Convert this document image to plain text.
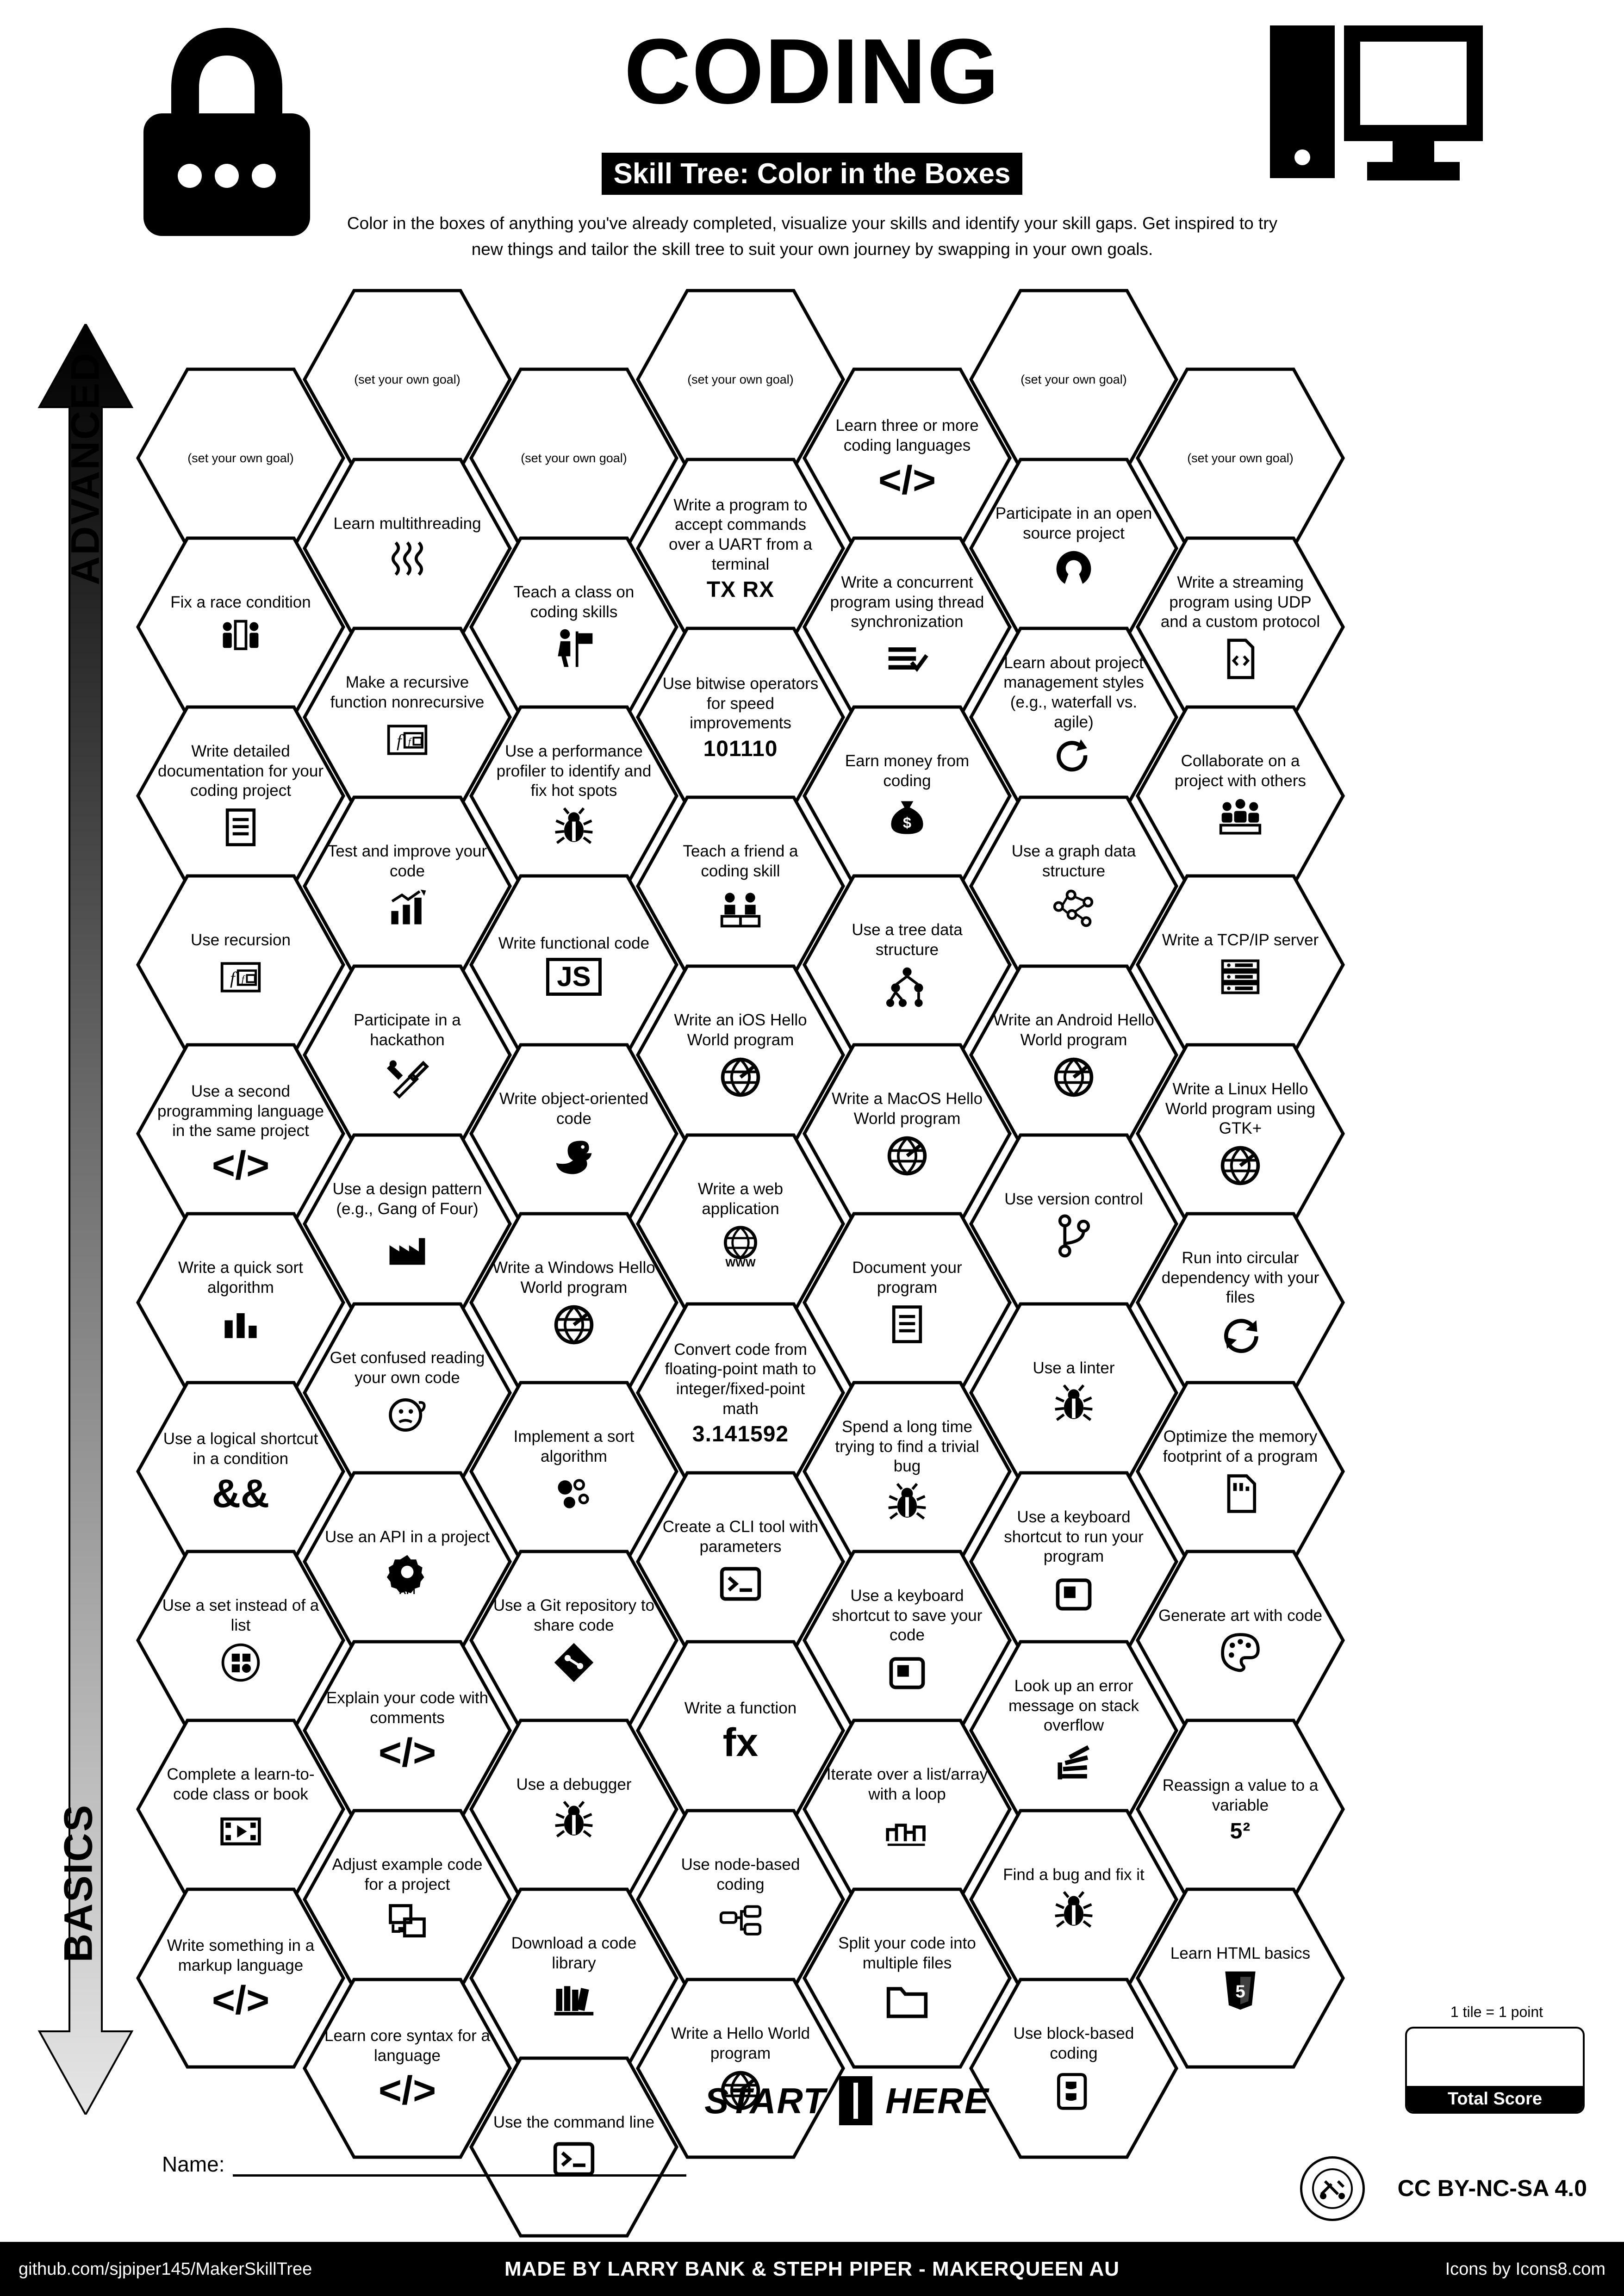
CODING
Skill Tree: Color in the Boxes
Color in the boxes of anything you've already completed, visualize your skills and identify your skill gaps. Get inspired to try new things and tailor the skill tree to suit your own journey by swapping in your own goals.
ADVANCED
BASICS
(set your own goal)
Fix a race condition
Write detailed documentation for your coding project
Use recursion
f f
Use a second programming language in the same project
</>
Write a quick sort algorithm
Use a logical shortcut in a condition
&&
Use a set instead of a list
Complete a learn-to-code class or book
Write something in a markup language
</>
(set your own goal)
Learn multithreading
Make a recursive function nonrecursive
f f
Test and improve your code
Participate in a hackathon
Use a design pattern (e.g., Gang of Four)
Get confused reading your own code
Use an API in a project
API
Explain your code with comments
</>
Adjust example code for a project
Learn core syntax for a language
</>
(set your own goal)
Teach a class on coding skills
Use a performance profiler to identify and fix hot spots
Write functional code
JS
Write object-oriented code
Write a Windows Hello World program
Implement a sort algorithm
Use a Git repository to share code
Use a debugger
Download a code library
Use the command line
(set your own goal)
Write a program to accept commands over a UART from a terminal
TX RX
Use bitwise operators for speed improvements
101110
Teach a friend a coding skill
Write an iOS Hello World program
Write a web application
WWW
Convert code from floating-point math to integer/fixed-point math
3.141592
Create a CLI tool with parameters
Write a function
fx
Use node-based coding
Write a Hello World program
Learn three or more coding languages
</>
Write a concurrent program using thread synchronization
Earn money from coding
$
Use a tree data structure
Write a MacOS Hello World program
Document your program
Spend a long time trying to find a trivial bug
Use a keyboard shortcut to save your code
Iterate over a list/array with a loop
Split your code into multiple files
(set your own goal)
Participate in an open source project
Learn about project management styles (e.g., waterfall vs. agile)
Use a graph data structure
Write an Android Hello World program
Use version control
Use a linter
Use a keyboard shortcut to run your program
Look up an error message on stack overflow
Find a bug and fix it
Use block-based coding
(set your own goal)
Write a streaming program using UDP and a custom protocol
Collaborate on a project with others
Write a TCP/IP server
Write a Linux Hello World program using GTK+
Run into circular dependency with your files
Optimize the memory footprint of a program
Generate art with code
Reassign a value to a variable
5²
Learn HTML basics
5
START HERE
1 tile = 1 point
Total Score
Name:
CC BY-NC-SA 4.0
github.com/sjpiper145/MakerSkillTree	MADE BY LARRY BANK & STEPH PIPER - MAKERQUEEN AU	Icons by Icons8.com
